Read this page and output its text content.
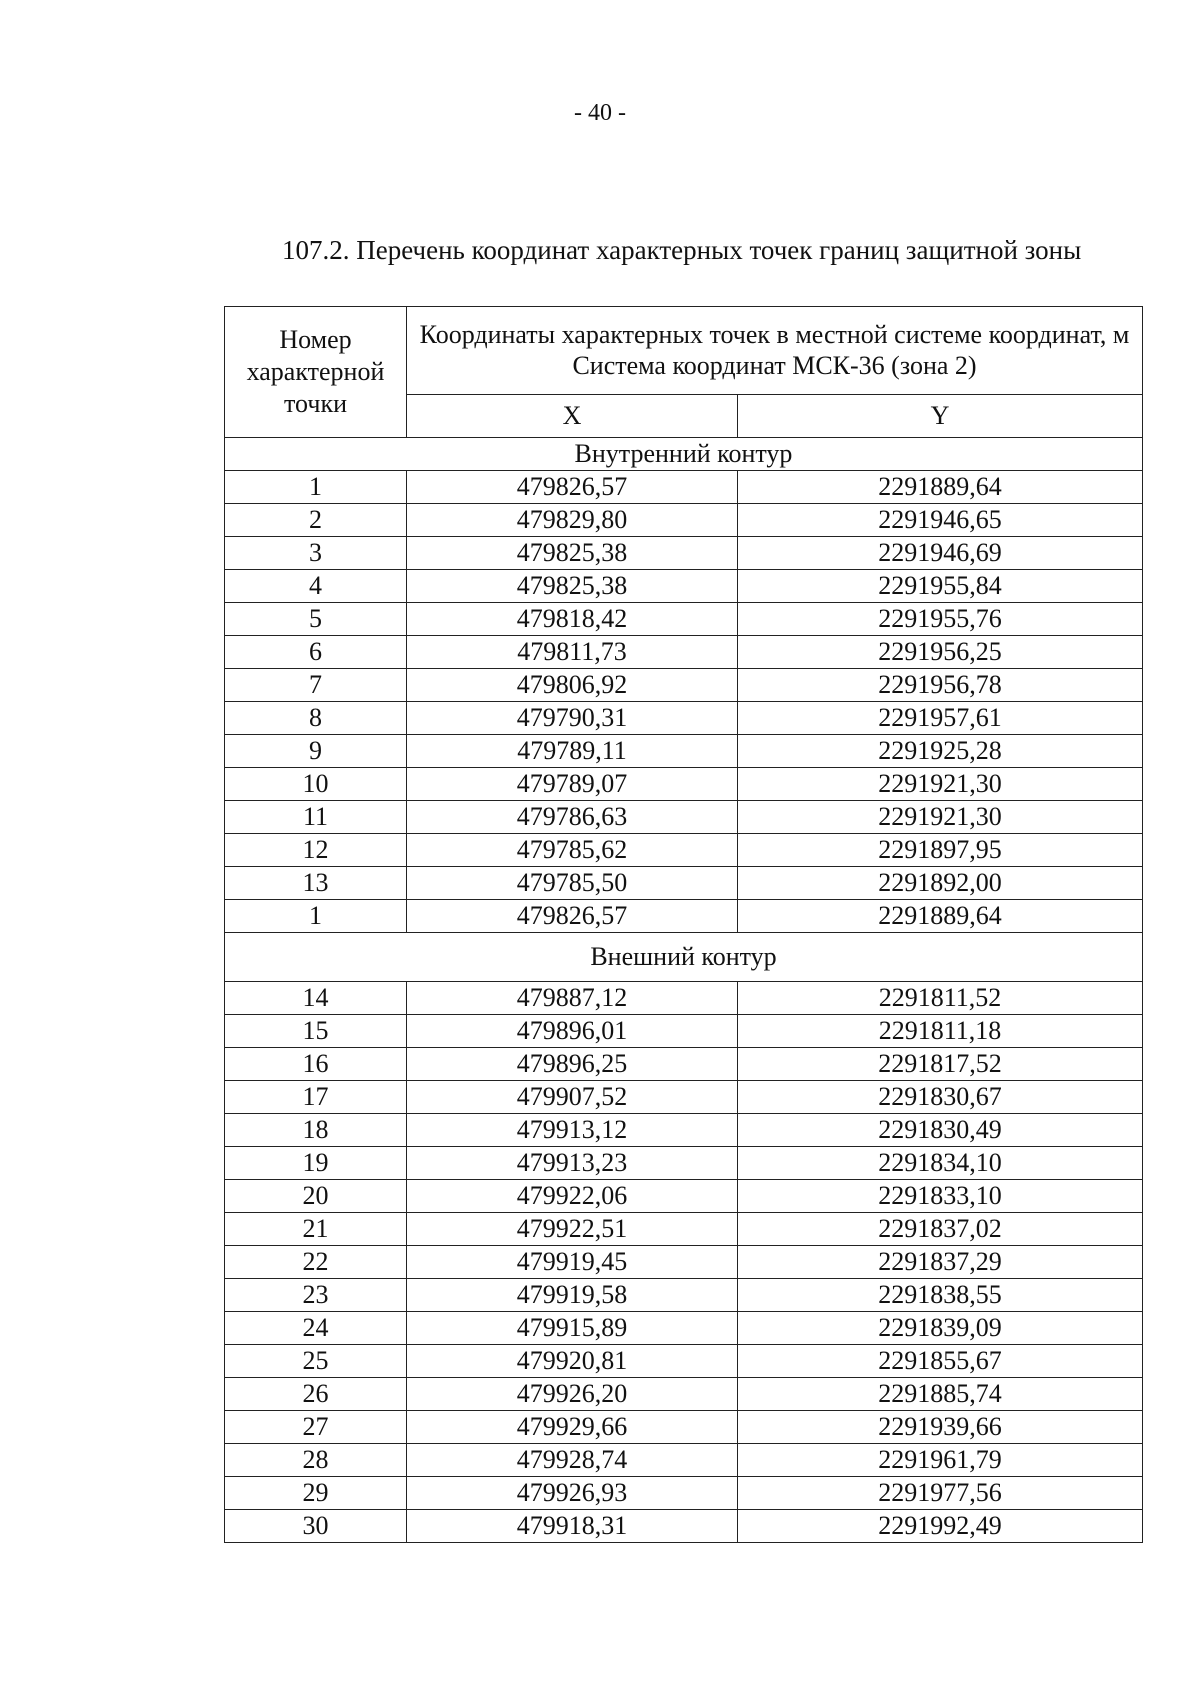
- 40 -
107.2. Перечень координат характерных точек границ защитной зоны
Номер характерной точки	Координаты характерных точек в местной системе координат, м
Система координат МСК-36 (зона 2)	

	X	Y
Внутренний контур		
1	479826,57	2291889,64
2	479829,80	2291946,65
3	479825,38	2291946,69
4	479825,38	2291955,84
5	479818,42	2291955,76
6	479811,73	2291956,25
7	479806,92	2291956,78
8	479790,31	2291957,61
9	479789,11	2291925,28
10	479789,07	2291921,30
11	479786,63	2291921,30
12	479785,62	2291897,95
13	479785,50	2291892,00
1	479826,57	2291889,64
Внешний контур		
14	479887,12	2291811,52
15	479896,01	2291811,18
16	479896,25	2291817,52
17	479907,52	2291830,67
18	479913,12	2291830,49
19	479913,23	2291834,10
20	479922,06	2291833,10
21	479922,51	2291837,02
22	479919,45	2291837,29
23	479919,58	2291838,55
24	479915,89	2291839,09
25	479920,81	2291855,67
26	479926,20	2291885,74
27	479929,66	2291939,66
28	479928,74	2291961,79
29	479926,93	2291977,56
30	479918,31	2291992,49
